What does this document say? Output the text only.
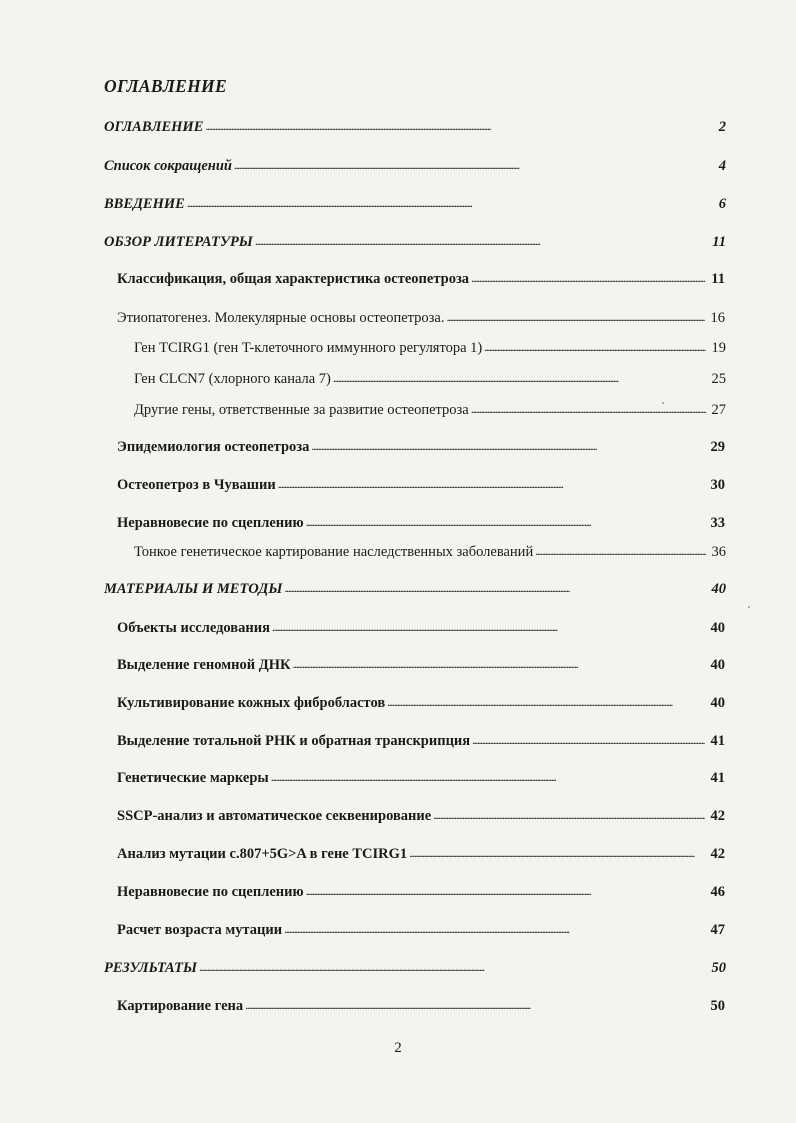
ОГЛАВЛЕНИЕ
ОГЛАВЛЕНИЕ . . .	2
Список сокращений . . .	4
ВВЕДЕНИЕ . . .	6
ОБЗОР ЛИТЕРАТУРЫ . . .	11
Классификация, общая характеристика остеопетроза . . .	11
Этиопатогенез. Молекулярные основы остеопетроза. . . .	16
Ген TCIRG1 (ген T-клеточного иммунного регулятора 1) . . .	19
Ген CLCN7 (хлорного канала 7) . . .	25
Другие гены, ответственные за развитие остеопетроза . . .	27
Эпидемиология остеопетроза . . .	29
Остеопетроз в Чувашии . . .	30
Неравновесие по сцеплению . . .	33
Тонкое генетическое картирование наследственных заболеваний . . .	36
МАТЕРИАЛЫ И МЕТОДЫ . . .	40
Объекты исследования . . .	40
Выделение геномной ДНК . . .	40
Культивирование кожных фибробластов . . .	40
Выделение тотальной РНК и обратная транскрипция . . .	41
Генетические маркеры . . .	41
SSCP-анализ и автоматическое секвенирование . . .	42
Анализ мутации с.807+5G>A в гене TCIRG1 . . .	42
Неравновесие по сцеплению . . .	46
Расчет возраста мутации . . .	47
РЕЗУЛЬТАТЫ . . .	50
Картирование гена . . .	50
2
